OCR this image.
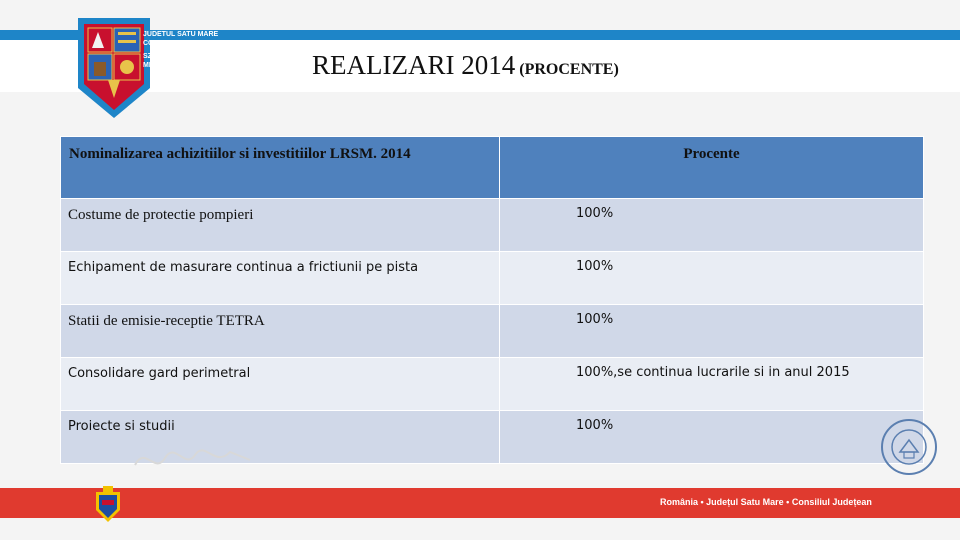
JUDETUL SATU MARE
CONSILIUL JUDETEAN
SZATMÁR MEGYE
MEGYEI TANÁCS	REALIZARI 2014 (PROCENTE)
Nominalizarea achizitiilor si investitiilor LRSM. 2014	Procente

Costume de protectie pompieri	100%

Echipament de masurare continua a frictiunii pe pista	100%

Statii de emisie-receptie TETRA	100%

Consolidare gard perimetral	100%,se continua lucrarile si in anul 2015

Proiecte si studii	100%
România • Județul Satu Mare • Consiliul Județean
